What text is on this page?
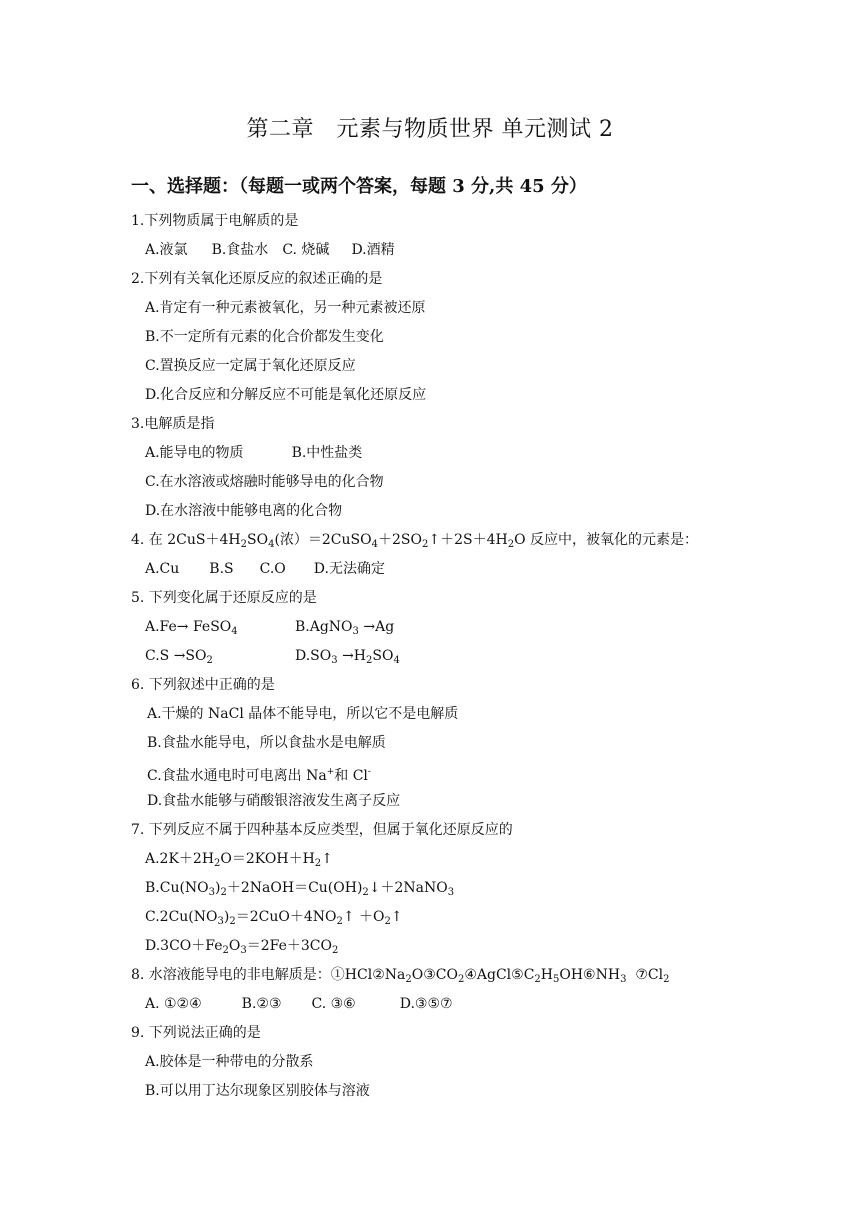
第二章　元素与物质世界 单元测试 2
一、选择题：（每题一或两个答案，每题 3 分,共 45 分）
1.下列物质属于电解质的是
A.液氯 B.食盐水 C. 烧碱 D.酒精
2.下列有关氧化还原反应的叙述正确的是
A.肯定有一种元素被氧化，另一种元素被还原
B.不一定所有元素的化合价都发生变化
C.置换反应一定属于氧化还原反应
D.化合反应和分解反应不可能是氧化还原反应
3.电解质是指
A.能导电的物质	B.中性盐类
C.在水溶液或熔融时能够导电的化合物
D.在水溶液中能够电离的化合物
4. 在 $2CuS+4H_2SO_4$(浓）$=2CuSO_4+2SO_2↑+2S+4H_2O$ 反应中，被氧化的元素是：
A.Cu B.S C.O D.无法确定
5. 下列变化属于还原反应的是
A.Fe→ FeSO$_4$	B.AgNO$_3$ →Ag
$C.S \to SO_2$	$D.SO_3 \to H_2SO_4$
6. 下列叙述中正确的是
A.干燥的 NaCl 晶体不能导电，所以它不是电解质
B.食盐水能导电，所以食盐水是电解质
C.食盐水通电时可电离出 Na+和 Cl-
D.食盐水能够与硝酸银溶液发生离子反应
7. 下列反应不属于四种基本反应类型，但属于氧化还原反应的
$A.2K+2H_2O=2KOH+H_2↑$
$B.Cu(NO_3)_2+2NaOH=Cu(OH)_2↓+2NaNO_3$
$C.2Cu(NO_3)_2=2CuO+4NO_2↑$ $+O_2↑$
$D.3CO+Fe_2O_3=2Fe+3CO_2$
8. 水溶液能导电的非电解质是：$①HCl②Na_2O③CO_2④AgCl⑤C_2H_5OH⑥NH_3$  $⑦Cl_2$
A. ①②④	B.②③ C. ③⑥	D.③⑤⑦
9. 下列说法正确的是
A.胶体是一种带电的分散系
B.可以用丁达尔现象区别胶体与溶液
